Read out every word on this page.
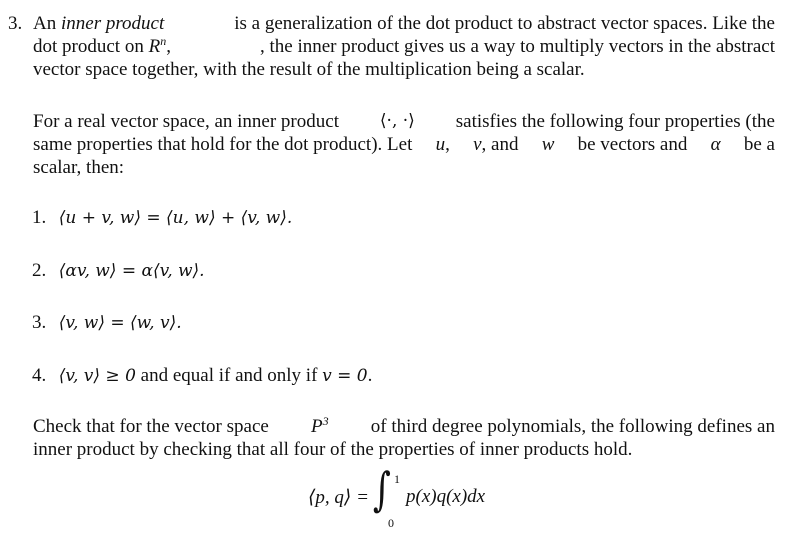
3. An inner product	is a generalization of the dot product to abstract vector spaces. Like the
dot product on $R^n$,	, the inner product gives us a way to multiply vectors in the abstract
vector space together, with the result of the multiplication being a scalar.
For a real vector space, an inner product ⟨·, ·⟩ satisfies the following four properties (the
same properties that hold for the dot product). Let u, v, and w be vectors and α be a
scalar, then:
1. ⟨u + v, w⟩ = ⟨u, w⟩ + ⟨v, w⟩.
2. ⟨αv, w⟩ = α⟨v, w⟩.
3. ⟨v, w⟩ = ⟨w, v⟩.
4. ⟨v, v⟩ ≥ 0 and equal if and only if v = 0.
Check that for the vector space $P^3$ of third degree polynomials, the following defines an
inner product by checking that all four of the properties of inner products hold.
⟨p, q⟩ = ∫ 1
0
p(x)q(x)dx
